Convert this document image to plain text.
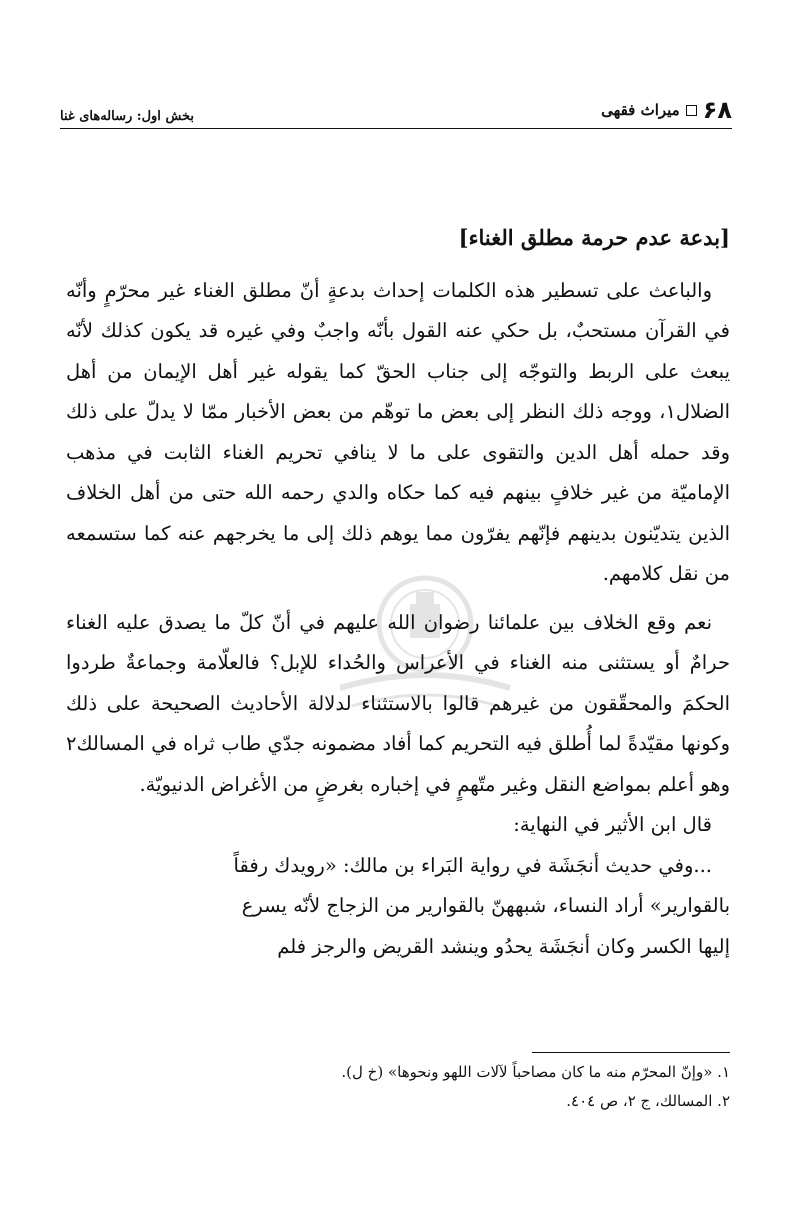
۶۸
میراث فقهی
بخش اول: رساله‌های غنا
[بدعة عدم حرمة مطلق الغناء]

والباعث على تسطير هذه الكلمات إحداث بدعةٍ أنّ مطلق الغناء غير محرّمٍ وأنّه في القرآن مستحبٌ، بل حكي عنه القول بأنّه واجبٌ وفي غيره قد يكون كذلك لأنّه يبعث على الربط والتوجّه إلى جناب الحقّ كما يقوله غير أهل الإيمان من أهل الضلال١، ووجه ذلك النظر إلى بعض ما توهّم من بعض الأخبار ممّا لا يدلّ على ذلك وقد حمله أهل الدين والتقوى على ما لا ينافي تحريم الغناء الثابت في مذهب الإماميّة من غير خلافٍ بينهم فيه كما حكاه والدي رحمه الله حتى من أهل الخلاف الذين يتديّنون بدينهم فإنّهم يفرّون مما يوهم ذلك إلى ما يخرجهم عنه كما ستسمعه من نقل كلامهم.

نعم وقع الخلاف بين علمائنا رضوان الله عليهم في أنّ كلّ ما يصدق عليه الغناء حرامٌ أو يستثنى منه الغناء في الأعراس والحُداء للإبل؟ فالعلّامة وجماعةٌ طردوا الحكمَ والمحقّقون من غيرهم قالوا بالاستثناء لدلالة الأحاديث الصحيحة على ذلك وكونها مقيّدةً لما أُطلق فيه التحريم كما أفاد مضمونه جدّي طاب ثراه في المسالك٢ وهو أعلم بمواضع النقل وغير متّهمٍ في إخباره بغرضٍ من الأغراض الدنيويّة.

قال ابن الأثير في النهاية:

...وفي حديث أنجَشَة في رواية البَراء بن مالك: «رويدك رفقاً

بالقوارير» أراد النساء، شبههنّ بالقوارير من الزجاج لأنّه يسرع

إليها الكسر وكان أنجَشَة يحدُو وينشد القريض والرجز فلم

١. «وإنّ المحرّم منه ما كان مصاحباً لآلات اللهو ونحوها» (خ ل).
٢. المسالك، ج ٢، ص ٤٠٤.
